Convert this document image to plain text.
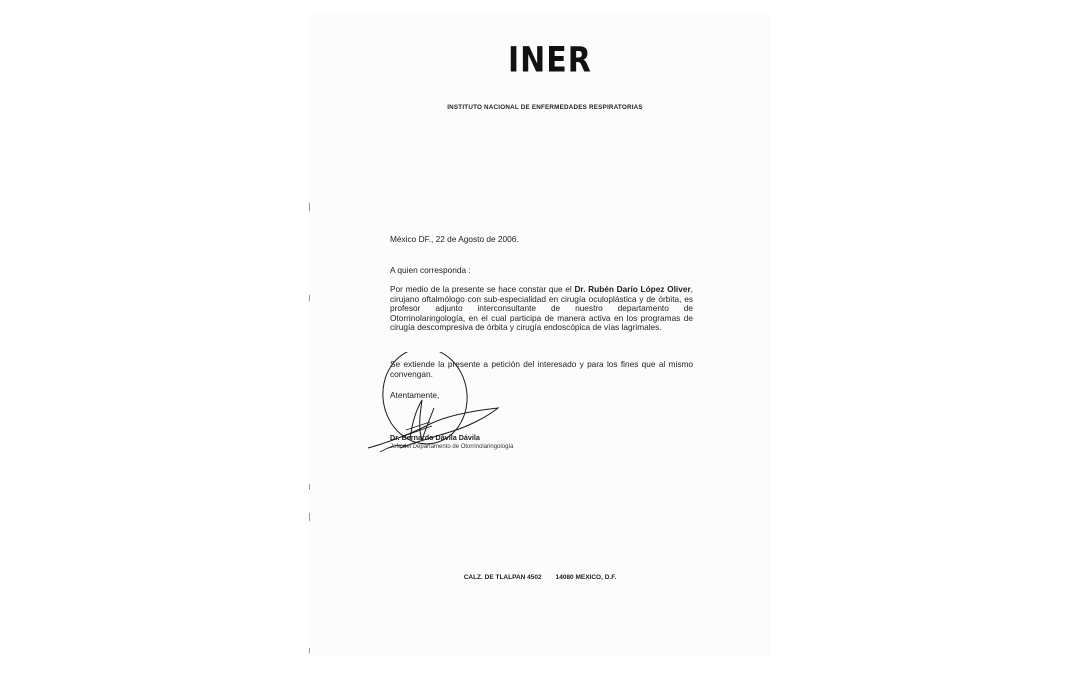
INER
INSTITUTO NACIONAL DE ENFERMEDADES RESPIRATORIAS
México DF., 22 de Agosto de 2006.
A quien corresponda :
Por medio de la presente se hace constar que el Dr. Rubén Darío López Oliver, cirujano oftalmólogo con sub-especialidad en cirugía oculoplástica y de órbita, es profesor adjunto interconsultante de nuestro departamento de Otorrinolaringología, en el cual participa de manera activa en los programas de cirugía descompresiva de órbita y cirugía endoscópica de vías lagrimales.
Se extiende la presente a petición del interesado y para los fines que al mismo convengan.
Atentamente,
Dr. Bernardo Dávila Dávila
Jefe del Departamento de Otorrinolaringología
CALZ. DE TLALPAN 4502 14080 MEXICO, D.F.
